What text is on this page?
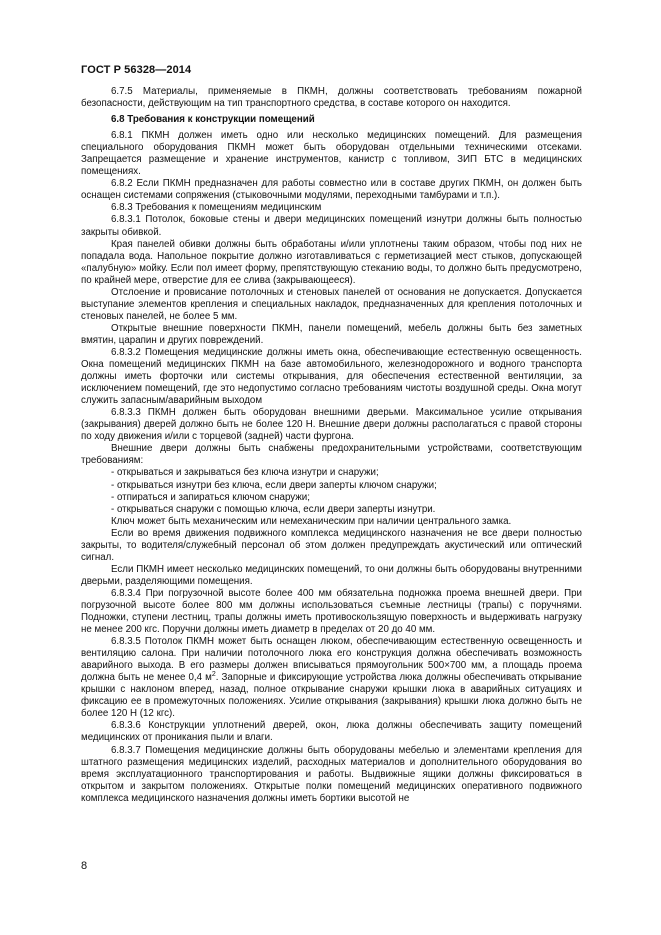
ГОСТ Р 56328—2014

6.7.5 Материалы, применяемые в ПКМН, должны соответствовать требованиям пожарной безопасности, действующим на тип транспортного средства, в составе которого он находится.

6.8 Требования к конструкции помещений

6.8.1 ПКМН должен иметь одно или несколько медицинских помещений. Для размещения специального оборудования ПКМН может быть оборудован отдельными техническими отсеками. Запрещается размещение и хранение инструментов, канистр с топливом, ЗИП БТС в медицинских помещениях.

6.8.2 Если ПКМН предназначен для работы совместно или в составе других ПКМН, он должен быть оснащен системами сопряжения (стыковочными модулями, переходными тамбурами и т.п.).

6.8.3 Требования к помещениям медицинским

6.8.3.1 Потолок, боковые стены и двери медицинских помещений изнутри должны быть полностью закрыты обивкой.

Края панелей обивки должны быть обработаны и/или уплотнены таким образом, чтобы под них не попадала вода. Напольное покрытие должно изготавливаться с герметизацией мест стыков, допускающей «палубную» мойку. Если пол имеет форму, препятствующую стеканию воды, то должно быть предусмотрено, по крайней мере, отверстие для ее слива (закрывающееся).

Отслоение и провисание потолочных и стеновых панелей от основания не допускается. Допускается выступание элементов крепления и специальных накладок, предназначенных для крепления потолочных и стеновых панелей, не более 5 мм.

Открытые внешние поверхности ПКМН, панели помещений, мебель должны быть без заметных вмятин, царапин и других повреждений.

6.8.3.2 Помещения медицинские должны иметь окна, обеспечивающие естественную освещенность. Окна помещений медицинских ПКМН на базе автомобильного, железнодорожного и водного транспорта должны иметь форточки или системы открывания, для обеспечения естественной вентиляции, за исключением помещений, где это недопустимо согласно требованиям чистоты воздушной среды. Окна могут служить запасным/аварийным выходом

6.8.3.3 ПКМН должен быть оборудован внешними дверьми. Максимальное усилие открывания (закрывания) дверей должно быть не более 120 Н. Внешние двери должны располагаться с правой стороны по ходу движения и/или с торцевой (задней) части фургона.

Внешние двери должны быть снабжены предохранительными устройствами, соответствующим требованиям:

- открываться и закрываться без ключа изнутри и снаружи;

- открываться изнутри без ключа, если двери заперты ключом снаружи;

- отпираться и запираться ключом снаружи;

- открываться снаружи с помощью ключа, если двери заперты изнутри.

Ключ может быть механическим или немеханическим при наличии центрального замка.

Если во время движения подвижного комплекса медицинского назначения не все двери полностью закрыты, то водителя/служебный персонал об этом должен предупреждать акустический или оптический сигнал.

Если ПКМН имеет несколько медицинских помещений, то они должны быть оборудованы внутренними дверьми, разделяющими помещения.

6.8.3.4 При погрузочной высоте более 400 мм обязательна подножка проема внешней двери. При погрузочной высоте более 800 мм должны использоваться съемные лестницы (трапы) с поручнями. Подножки, ступени лестниц, трапы должны иметь противоскользящую поверхность и выдерживать нагрузку не менее 200 кгс. Поручни должны иметь диаметр в пределах от 20 до 40 мм.

6.8.3.5 Потолок ПКМН может быть оснащен люком, обеспечивающим естественную освещенность и вентиляцию салона. При наличии потолочного люка его конструкция должна обеспечивать возможность аварийного выхода. В его размеры должен вписываться прямоугольник 500×700 мм, а площадь проема должна быть не менее 0,4 $м^2$. Запорные и фиксирующие устройства люка должны обеспечивать открывание крышки с наклоном вперед, назад, полное открывание снаружи крышки люка в аварийных ситуациях и фиксацию ее в промежуточных положениях. Усилие открывания (закрывания) крышки люка должно быть не более 120 Н (12 кгс).

6.8.3.6 Конструкции уплотнений дверей, окон, люка должны обеспечивать защиту помещений медицинских от проникания пыли и влаги.

6.8.3.7 Помещения медицинские должны быть оборудованы мебелью и элементами крепления для штатного размещения медицинских изделий, расходных материалов и дополнительного оборудования во время эксплуатационного транспортирования и работы. Выдвижные ящики должны фиксироваться в открытом и закрытом положениях. Открытые полки помещений медицинских оперативного подвижного комплекса медицинского назначения должны иметь бортики высотой не

8
